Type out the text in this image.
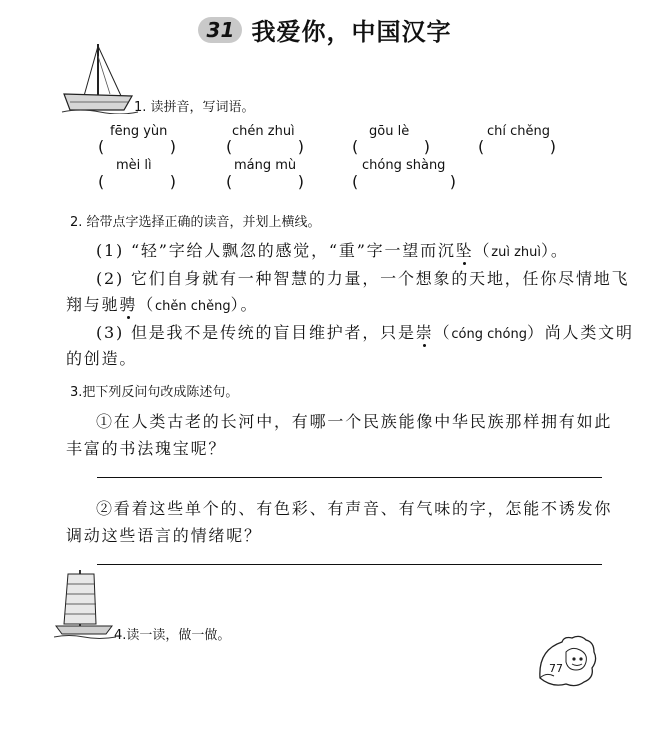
31 我爱你，中国汉字
1. 读拼音，写词语。
fēng yùn	chén zhuì	gōu lè	chí chěng
(	)	(	)	(	)	(	)
mèi lì	máng mù	chóng shàng
(	)	(	)	(	)
2. 给带点字选择正确的读音，并划上横线。
(1) “轻”字给人飘忽的感觉，“重”字一望而沉坠（zuì zhuì）。
(2) 它们自身就有一种智慧的力量，一个想象的天地，任你尽情地飞
翔与驰骋（chěn chěng）。
(3) 但是我不是传统的盲目维护者，只是崇（cóng chóng）尚人类文明
的创造。
3.把下列反问句改成陈述句。
①在人类古老的长河中，有哪一个民族能像中华民族那样拥有如此
丰富的书法瑰宝呢？
②看着这些单个的、有色彩、有声音、有气味的字，怎能不诱发你
调动这些语言的情绪呢？
4.读一读，做一做。
77
